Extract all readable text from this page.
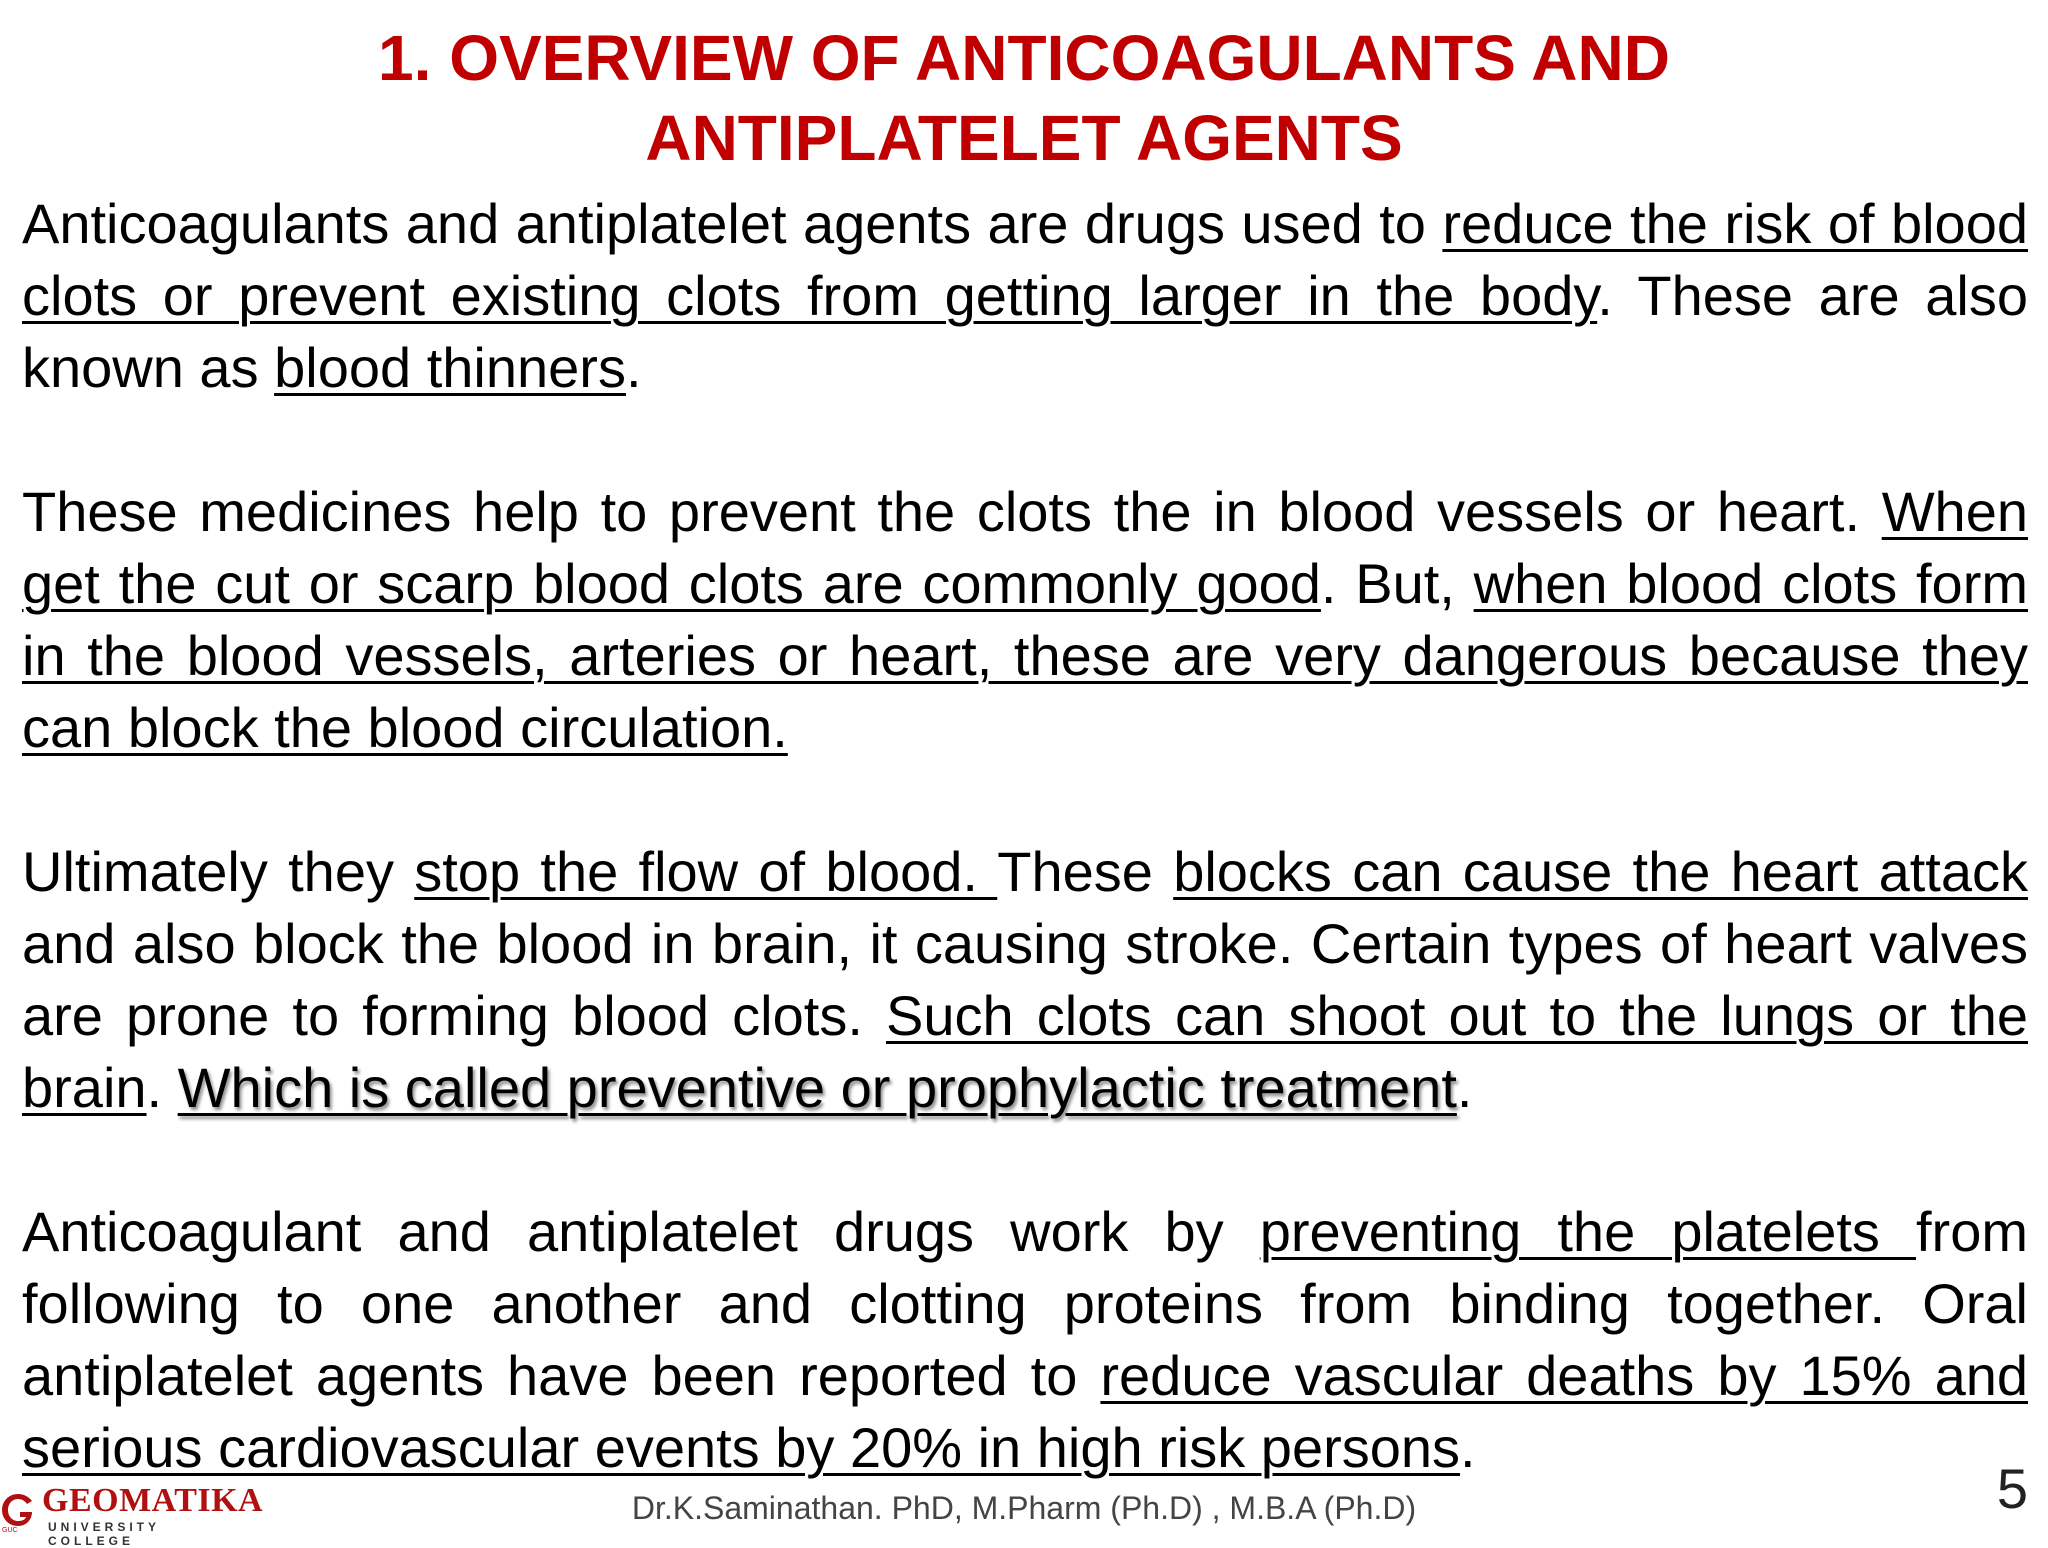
1. OVERVIEW OF ANTICOAGULANTS AND
ANTIPLATELET AGENTS

Anticoagulants and antiplatelet agents are drugs used to reduce the risk of blood clots or prevent existing clots from getting larger in the body. These are also known as blood thinners.

These medicines help to prevent the clots the in blood vessels or heart. When get the cut or scarp blood clots are commonly good. But, when blood clots form in the blood vessels, arteries or heart, these are very dangerous because they can block the blood circulation.

Ultimately they stop the flow of blood. These blocks can cause the heart attack and also block the blood in brain, it causing stroke. Certain types of heart valves are prone to forming blood clots. Such clots can shoot out to the lungs or the brain. Which is called preventive or prophylactic treatment.

Anticoagulant and antiplatelet drugs work by preventing the platelets from following to one another and clotting proteins from binding together. Oral antiplatelet agents have been reported to reduce vascular deaths by 15% and serious cardiovascular events by 20% in high risk persons.

GUC
GEOMATIKA
UNIVERSITY COLLEGE
Dr.K.Saminathan. PhD, M.Pharm (Ph.D) , M.B.A (Ph.D)	5
